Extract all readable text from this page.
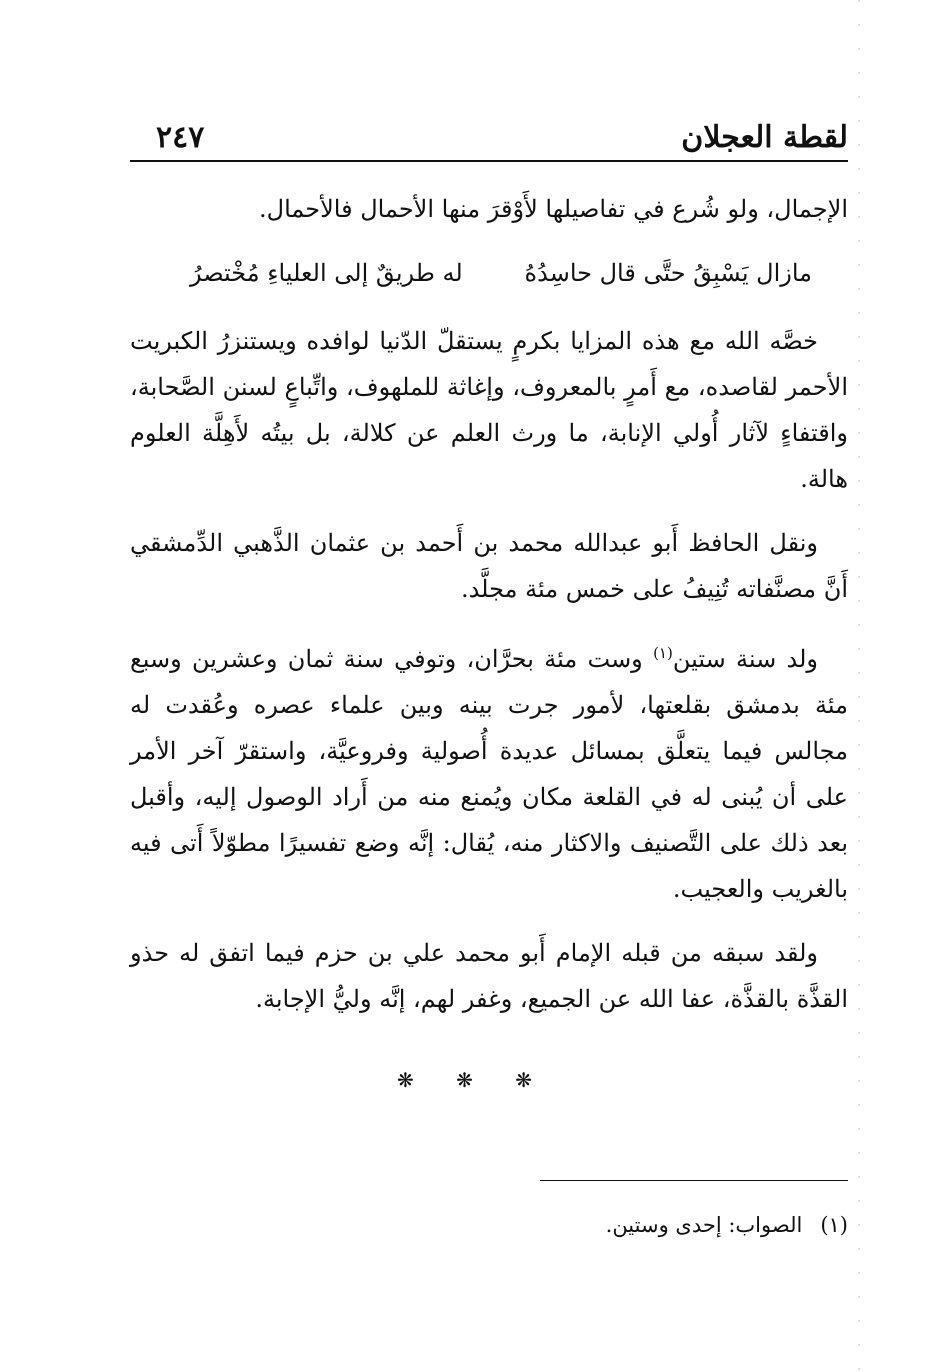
لقطة العجلان
٢٤٧

الإجمال، ولو شُرع في تفاصيلها لأَوْقرَ منها الأحمال فالأحمال.

مازال يَسْبِقُ حتَّى قال حاسِدُهُ
له طريقٌ إلى العلياءِ مُخْتصرُ

خصَّه الله مع هذه المزايا بكرمٍ يستقلّ الدّنيا لوافده ويستنزرُ الكبريت الأحمر لقاصده، مع أَمرٍ بالمعروف، وإغاثة للملهوف، واتِّباعٍ لسنن الصَّحابة، واقتفاءٍ لآثار أُولي الإنابة، ما ورث العلم عن كلالة، بل بيتُه لأَهِلَّة العلوم هالة.

ونقل الحافظ أَبو عبدالله محمد بن أَحمد بن عثمان الذَّهبي الدِّمشقي أَنَّ مصنَّفاته تُنِيفُ على خمس مئة مجلَّد.

ولد سنة ستين$^{(١)}$ وست مئة بحرَّان، وتوفي سنة ثمان وعشرين وسبع مئة بدمشق بقلعتها، لأمور جرت بينه وبين علماء عصره وعُقدت له مجالس فيما يتعلَّق بمسائل عديدة أُصولية وفروعيَّة، واستقرّ آخر الأمر على أن يُبنى له في القلعة مكان ويُمنع منه من أَراد الوصول إليه، وأقبل بعد ذلك على التَّصنيف والاكثار منه، يُقال: إنَّه وضع تفسيرًا مطوّلاً أَتى فيه بالغريب والعجيب.

ولقد سبقه من قبله الإمام أَبو محمد علي بن حزم فيما اتفق له حذو القذَّة بالقذَّة، عفا الله عن الجميع، وغفر لهم، إنَّه وليُّ الإجابة.

❋ ❋ ❋
(١)الصواب: إحدى وستين.
